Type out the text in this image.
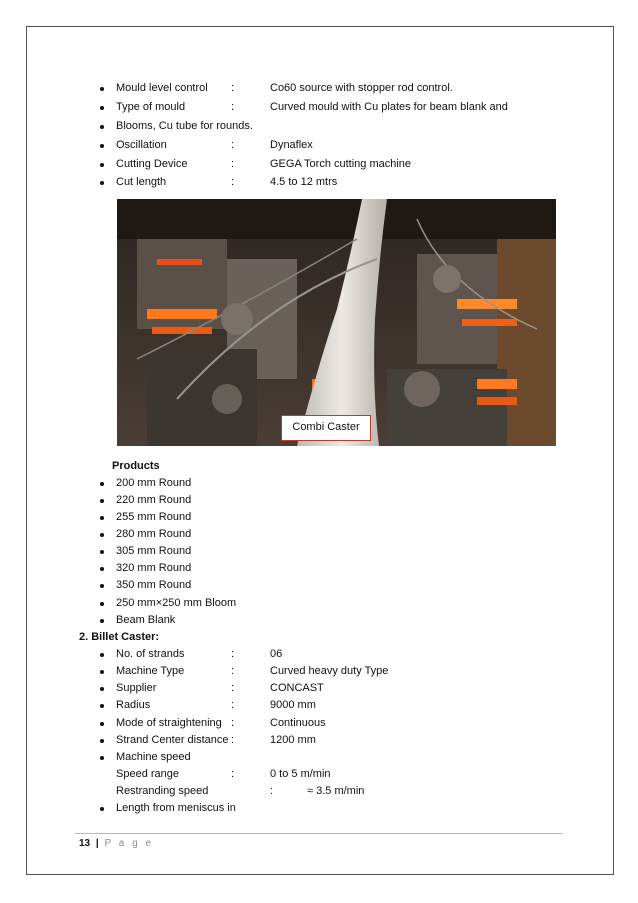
Mould level control :	Co60 source with stopper rod control.
Type of mould	:	Curved mould with Cu plates for beam blank and
Blooms, Cu tube for rounds.
Oscillation	:	Dynaflex
Cutting Device	:	GEGA Torch cutting machine
Cut length	:	4.5 to 12 mtrs
Combi Caster
Products
200 mm Round
220 mm Round
255 mm Round
280 mm Round
305 mm Round
320 mm Round
350 mm Round
250 mm×250 mm Bloom
Beam Blank
2. Billet Caster:
No. of strands	:	06
Machine Type	:	Curved heavy duty Type
Supplier	:	CONCAST
Radius	:	9000 mm
Mode of straightening :	Continuous
Strand Center distance :	1200 mm
Machine speed
Speed range	:	0 to 5 m/min
Restranding speed	:	≈ 3.5 m/min
Length from meniscus in
13 | P a g e
